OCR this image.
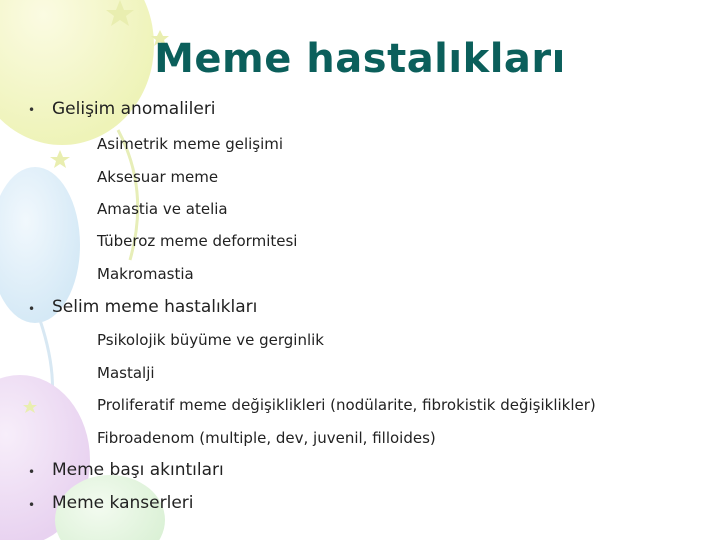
Meme hastalıkları
• Gelişim anomalileri
Asimetrik meme gelişimi
Aksesuar meme
Amastia ve atelia
Tüberoz meme deformitesi
Makromastia
• Selim meme hastalıkları
Psikolojik büyüme ve gerginlik
Mastalji
Proliferatif meme değişiklikleri (nodülarite, fibrokistik değişiklikler)
Fibroadenom (multiple, dev, juvenil, filloides)
• Meme başı akıntıları
• Meme kanserleri
